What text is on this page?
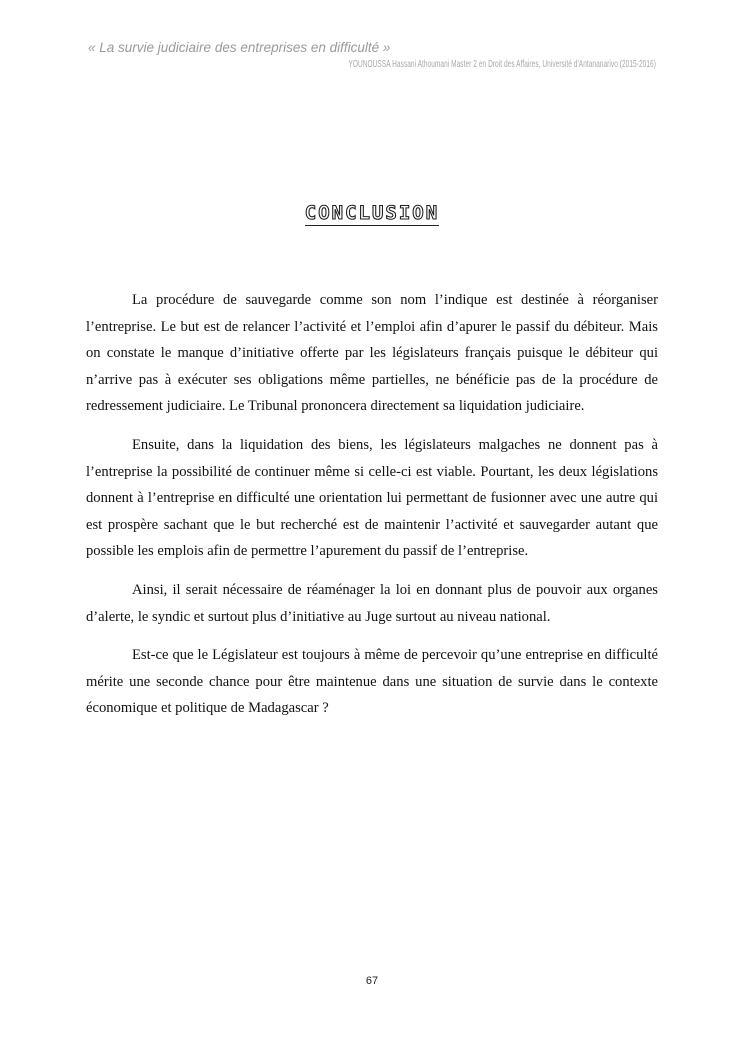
« La survie judiciaire des entreprises en difficulté »
YOUNOUSSA Hassani Athoumani Master 2 en Droit des Affaires, Université d'Antananarivo (2015-2016)
CONCLUSION

La procédure de sauvegarde comme son nom l’indique est destinée à réorganiser l’entreprise. Le but est de relancer l’activité et l’emploi afin d’apurer le passif du débiteur. Mais on constate le manque d’initiative offerte par les législateurs français puisque le débiteur qui n’arrive pas à exécuter ses obligations même partielles, ne bénéficie pas de la procédure de redressement judiciaire. Le Tribunal prononcera directement sa liquidation judiciaire.

Ensuite, dans la liquidation des biens, les législateurs malgaches ne donnent pas à l’entreprise la possibilité de continuer même si celle-ci est viable. Pourtant, les deux législations donnent à l’entreprise en difficulté une orientation lui permettant de fusionner avec une autre qui est prospère sachant que le but recherché est de maintenir l’activité et sauvegarder autant que possible les emplois afin de permettre l’apurement du passif de l’entreprise.

Ainsi, il serait nécessaire de réaménager la loi en donnant plus de pouvoir aux organes d’alerte, le syndic et surtout plus d’initiative au Juge surtout au niveau national.

Est-ce que le Législateur est toujours à même de percevoir qu’une entreprise en difficulté mérite une seconde chance pour être maintenue dans une situation de survie dans le contexte économique et politique de Madagascar ?

67
